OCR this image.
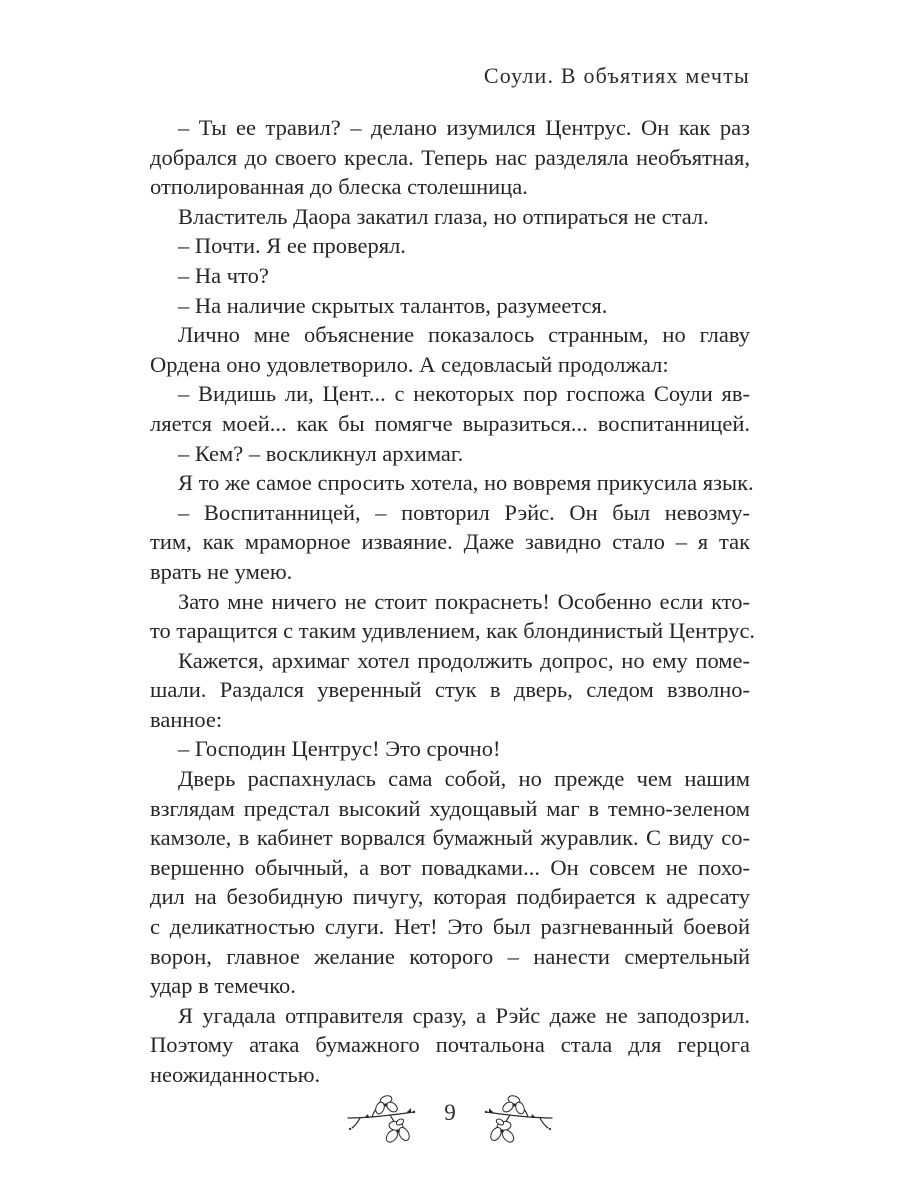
Соули. В объятиях мечты
– Ты ее травил? – делано изумился Центрус. Он как раз
добрался до своего кресла. Теперь нас разделяла необъятная,
отполированная до блеска столешница.
Властитель Даора закатил глаза, но отпираться не стал.
– Почти. Я ее проверял.
– На что?
– На наличие скрытых талантов, разумеется.
Лично мне объяснение показалось странным, но главу
Ордена оно удовлетворило. А седовласый продолжал:
– Видишь ли, Цент... с некоторых пор госпожа Соули яв-
ляется моей... как бы помягче выразиться... воспитанницей.
– Кем? – воскликнул архимаг.
Я то же самое спросить хотела, но вовремя прикусила язык.
– Воспитанницей, – повторил Рэйс. Он был невозму-
тим, как мраморное изваяние. Даже завидно стало – я так
врать не умею.
Зато мне ничего не стоит покраснеть! Особенно если кто-
то таращится с таким удивлением, как блондинистый Центрус.
Кажется, архимаг хотел продолжить допрос, но ему поме-
шали. Раздался уверенный стук в дверь, следом взволно-
ванное:
– Господин Центрус! Это срочно!
Дверь распахнулась сама собой, но прежде чем нашим
взглядам предстал высокий худощавый маг в темно-зеленом
камзоле, в кабинет ворвался бумажный журавлик. С виду со-
вершенно обычный, а вот повадками... Он совсем не похо-
дил на безобидную пичугу, которая подбирается к адресату
с деликатностью слуги. Нет! Это был разгневанный боевой
ворон, главное желание которого – нанести смертельный
удар в темечко.
Я угадала отправителя сразу, а Рэйс даже не заподозрил.
Поэтому атака бумажного почтальона стала для герцога
неожиданностью.
9
